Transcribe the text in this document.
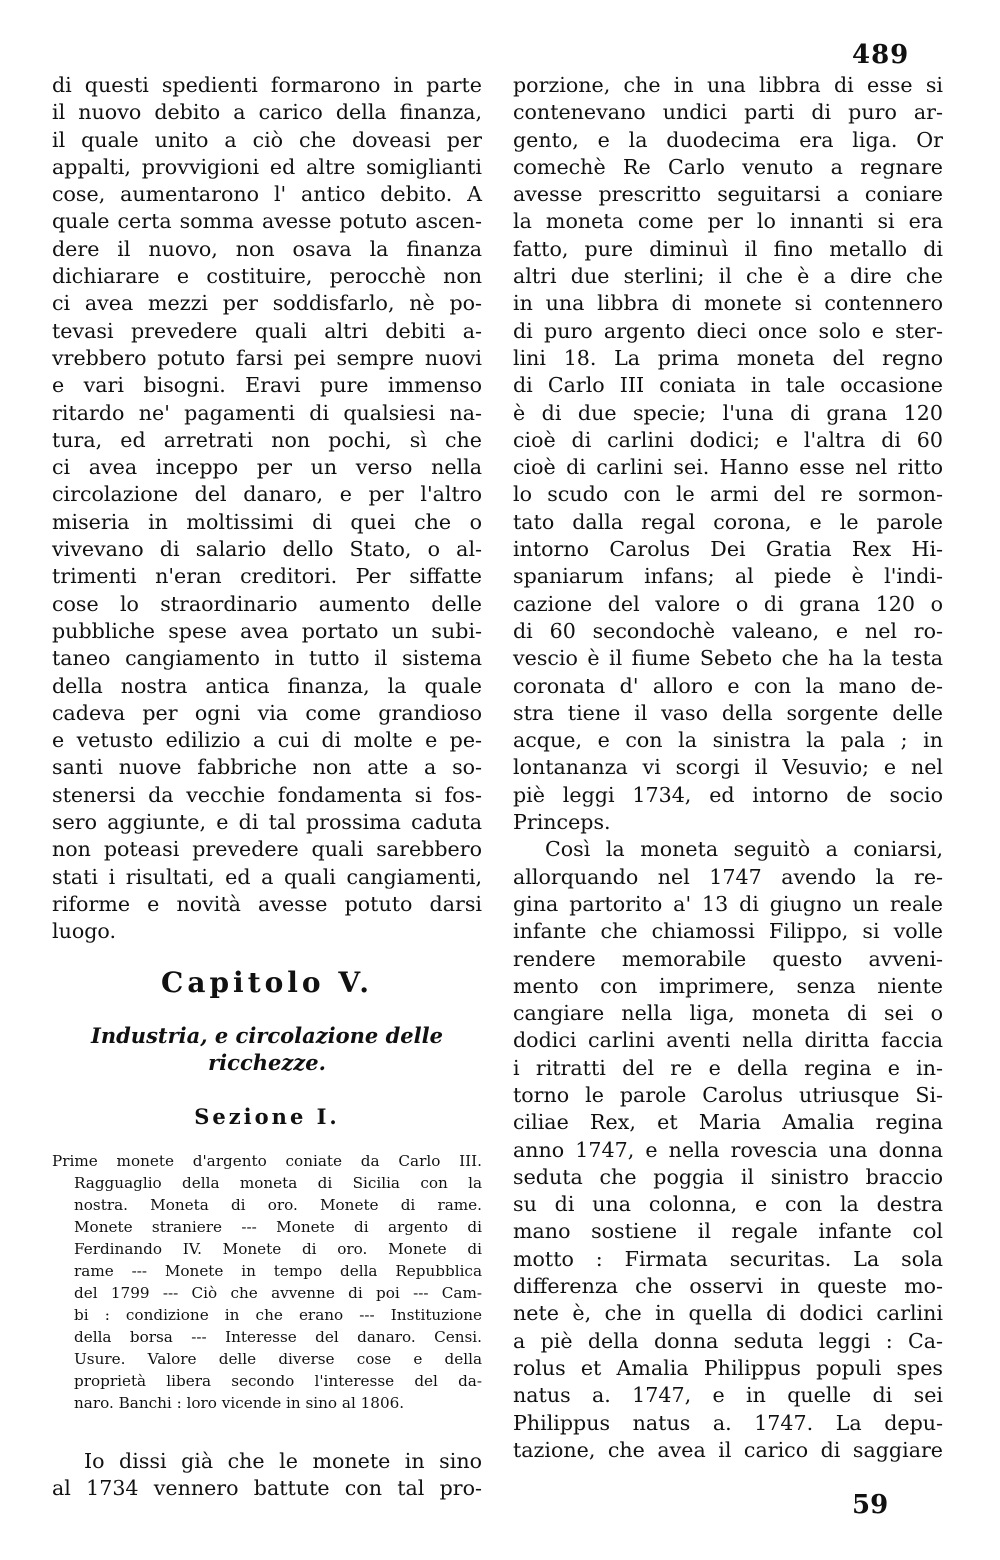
489
di questi spedienti formarono in parte
il nuovo debito a carico della finanza,
il quale unito a ciò che doveasi per
appalti, provvigioni ed altre somiglianti
cose, aumentarono l' antico debito. A
quale certa somma avesse potuto ascen-
dere il nuovo, non osava la finanza
dichiarare e costituire, perocchè non
ci avea mezzi per soddisfarlo, nè po-
tevasi prevedere quali altri debiti a-
vrebbero potuto farsi pei sempre nuovi
e vari bisogni. Eravi pure immenso
ritardo ne' pagamenti di qualsiesi na-
tura, ed arretrati non pochi, sì che
ci avea inceppo per un verso nella
circolazione del danaro, e per l'altro
miseria in moltissimi di quei che o
vivevano di salario dello Stato, o al-
trimenti n'eran creditori. Per siffatte
cose lo straordinario aumento delle
pubbliche spese avea portato un subi-
taneo cangiamento in tutto il sistema
della nostra antica finanza, la quale
cadeva per ogni via come grandioso
e vetusto edilizio a cui di molte e pe-
santi nuove fabbriche non atte a so-
stenersi da vecchie fondamenta si fos-
sero aggiunte, e di tal prossima caduta
non poteasi prevedere quali sarebbero
stati i risultati, ed a quali cangiamenti,
riforme e novità avesse potuto darsi
luogo.
Capitolo V.
Industria, e circolazione delle
ricchezze.
Sezione I.
Prime monete d'argento coniate da Carlo III.
Ragguaglio della moneta di Sicilia con la
nostra. Moneta di oro. Monete di rame.
Monete straniere --- Monete di argento di
Ferdinando IV. Monete di oro. Monete di
rame --- Monete in tempo della Repubblica
del 1799 --- Ciò che avvenne di poi --- Cam-
bi : condizione in che erano --- Instituzione
della borsa --- Interesse del danaro. Censi.
Usure. Valore delle diverse cose e della
proprietà libera secondo l'interesse del da-
naro. Banchi : loro vicende in sino al 1806.
Io dissi già che le monete in sino
al 1734 vennero battute con tal pro-
porzione, che in una libbra di esse si
contenevano undici parti di puro ar-
gento, e la duodecima era liga. Or
comechè Re Carlo venuto a regnare
avesse prescritto seguitarsi a coniare
la moneta come per lo innanti si era
fatto, pure diminuì il fino metallo di
altri due sterlini; il che è a dire che
in una libbra di monete si contennero
di puro argento dieci once solo e ster-
lini 18. La prima moneta del regno
di Carlo III coniata in tale occasione
è di due specie; l'una di grana 120
cioè di carlini dodici; e l'altra di 60
cioè di carlini sei. Hanno esse nel ritto
lo scudo con le armi del re sormon-
tato dalla regal corona, e le parole
intorno Carolus Dei Gratia Rex Hi-
spaniarum infans; al piede è l'indi-
cazione del valore o di grana 120 o
di 60 secondochè valeano, e nel ro-
vescio è il fiume Sebeto che ha la testa
coronata d' alloro e con la mano de-
stra tiene il vaso della sorgente delle
acque, e con la sinistra la pala ; in
lontananza vi scorgi il Vesuvio; e nel
piè leggi 1734, ed intorno de socio
Princeps.
Così la moneta seguitò a coniarsi,
allorquando nel 1747 avendo la re-
gina partorito a' 13 di giugno un reale
infante che chiamossi Filippo, si volle
rendere memorabile questo avveni-
mento con imprimere, senza niente
cangiare nella liga, moneta di sei o
dodici carlini aventi nella diritta faccia
i ritratti del re e della regina e in-
torno le parole Carolus utriusque Si-
ciliae Rex, et Maria Amalia regina
anno 1747, e nella rovescia una donna
seduta che poggia il sinistro braccio
su di una colonna, e con la destra
mano sostiene il regale infante col
motto : Firmata securitas. La sola
differenza che osservi in queste mo-
nete è, che in quella di dodici carlini
a piè della donna seduta leggi : Ca-
rolus et Amalia Philippus populi spes
natus a. 1747, e in quelle di sei
Philippus natus a. 1747. La depu-
tazione, che avea il carico di saggiare
59
